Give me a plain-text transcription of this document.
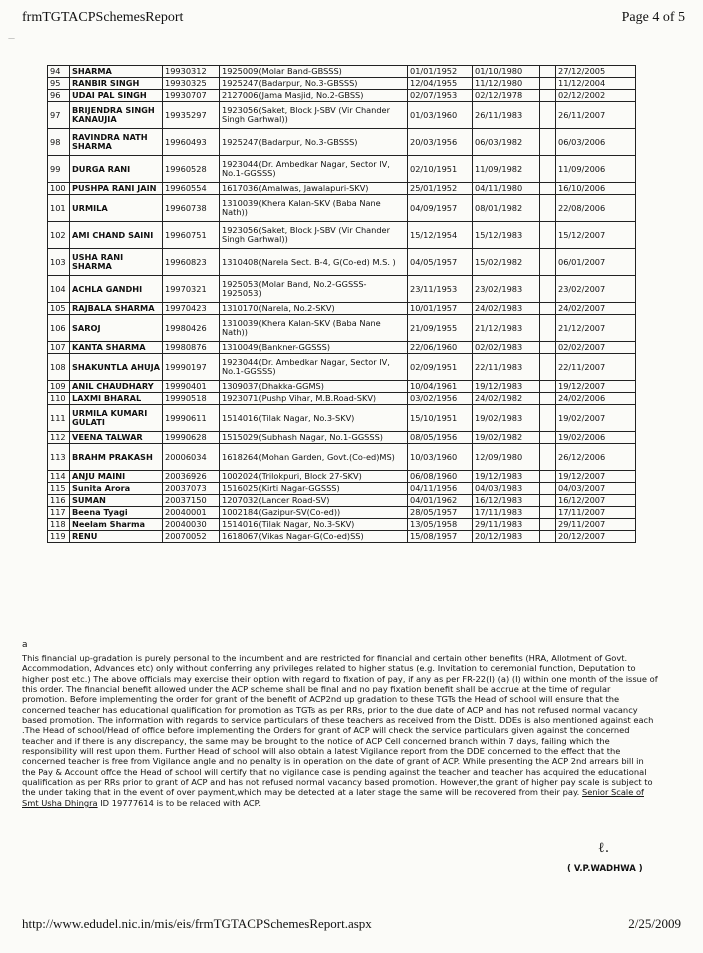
frmTGTACPSchemesReport	Page 4 of 5
—
94	SHARMA	19930312	1925009(Molar Band-GBSSS)	01/01/1952	01/10/1980		27/12/2005
95	RANBIR SINGH	19930325	1925247(Badarpur, No.3-GBSSS)	12/04/1955	11/12/1980		11/12/2004
96	UDAI PAL SINGH	19930707	2127006(Jama Masjid, No.2-GBSS)	02/07/1953	02/12/1978		02/12/2002
97	BRIJENDRA SINGH KANAUJIA	19935297	1923056(Saket, Block J-SBV (Vir Chander Singh Garhwal))	01/03/1960	26/11/1983		26/11/2007
98	RAVINDRA NATH SHARMA	19960493	1925247(Badarpur, No.3-GBSSS)	20/03/1956	06/03/1982		06/03/2006
99	DURGA RANI	19960528	1923044(Dr. Ambedkar Nagar, Sector IV, No.1-GGSSS)	02/10/1951	11/09/1982		11/09/2006
100	PUSHPA RANI JAIN	19960554	1617036(Amalwas, Jawalapuri-SKV)	25/01/1952	04/11/1980		16/10/2006
101	URMILA	19960738	1310039(Khera Kalan-SKV (Baba Nane Nath))	04/09/1957	08/01/1982		22/08/2006
102	AMI CHAND SAINI	19960751	1923056(Saket, Block J-SBV (Vir Chander Singh Garhwal))	15/12/1954	15/12/1983		15/12/2007
103	USHA RANI SHARMA	19960823	1310408(Narela Sect. B-4, G(Co-ed) M.S. )	04/05/1957	15/02/1982		06/01/2007
104	ACHLA GANDHI	19970321	1925053(Molar Band, No.2-GGSSS-1925053)	23/11/1953	23/02/1983		23/02/2007
105	RAJBALA SHARMA	19970423	1310170(Narela, No.2-SKV)	10/01/1957	24/02/1983		24/02/2007
106	SAROJ	19980426	1310039(Khera Kalan-SKV (Baba Nane Nath))	21/09/1955	21/12/1983		21/12/2007
107	KANTA SHARMA	19980876	1310049(Bankner-GGSSS)	22/06/1960	02/02/1983		02/02/2007
108	SHAKUNTLA AHUJA	19990197	1923044(Dr. Ambedkar Nagar, Sector IV, No.1-GGSSS)	02/09/1951	22/11/1983		22/11/2007
109	ANIL CHAUDHARY	19990401	1309037(Dhakka-GGMS)	10/04/1961	19/12/1983		19/12/2007
110	LAXMI BHARAL	19990518	1923071(Pushp Vihar, M.B.Road-SKV)	03/02/1956	24/02/1982		24/02/2006
111	URMILA KUMARI GULATI	19990611	1514016(Tilak Nagar, No.3-SKV)	15/10/1951	19/02/1983		19/02/2007
112	VEENA TALWAR	19990628	1515029(Subhash Nagar, No.1-GGSSS)	08/05/1956	19/02/1982		19/02/2006
113	BRAHM PRAKASH	20006034	1618264(Mohan Garden, Govt.(Co-ed)MS)	10/03/1960	12/09/1980		26/12/2006
114	ANJU MAINI	20036926	1002024(Trilokpuri, Block 27-SKV)	06/08/1960	19/12/1983		19/12/2007
115	Sunita Arora	20037073	1516025(Kirti Nagar-GGSSS)	04/11/1956	04/03/1983		04/03/2007
116	SUMAN	20037150	1207032(Lancer Road-SV)	04/01/1962	16/12/1983		16/12/2007
117	Beena Tyagi	20040001	1002184(Gazipur-SV(Co-ed))	28/05/1957	17/11/1983		17/11/2007
118	Neelam Sharma	20040030	1514016(Tilak Nagar, No.3-SKV)	13/05/1958	29/11/1983		29/11/2007
119	RENU	20070052	1618067(Vikas Nagar-G(Co-ed)SS)	15/08/1957	20/12/1983		20/12/2007
a

This financial up-gradation is purely personal to the incumbent and are restricted for financial and certain other benefits (HRA, Allotment of Govt. Accommodation, Advances etc) only without conferring any privileges related to higher status (e.g. Invitation to ceremonial function, Deputation to higher post etc.) The above officials may exercise their option with regard to fixation of pay, if any as per FR-22(I) (a) (I) within one month of the issue of this order. The financial benefit allowed under the ACP scheme shall be final and no pay fixation benefit shall be accrue at the time of regular promotion. Before implementing the order for grant of the benefit of ACP2nd up gradation to these TGTs the Head of school will ensure that the concerned teacher has educational qualification for promotion as TGTs as per RRs, prior to the due date of ACP and has not refused normal vacancy based promotion. The information with regards to service particulars of these teachers as received from the Distt. DDEs is also mentioned against each .The Head of school/Head of office before implementing the Orders for grant of ACP will check the service particulars given against the concerned teacher and if there is any discrepancy, the same may be brought to the notice of ACP Cell concerned branch within 7 days, failing which the responsibility will rest upon them. Further Head of school will also obtain a latest Vigilance report from the DDE concerned to the effect that the concerned teacher is free from Vigilance angle and no penalty is in operation on the date of grant of ACP. While presenting the ACP 2nd arrears bill in the Pay & Account offce the Head of school will certify that no vigilance case is pending against the teacher and teacher has acquired the educational qualification as per RRs prior to grant of ACP and has not refused normal vacancy based promotion. However,the grant of higher pay scale is subject to the under taking that in the event of over payment,which may be detected at a later stage the same will be recovered from their pay. Senior Scale of Smt Usha Dhingra ID 19777614 is to be relaced with ACP.

ℓ.
( V.P.WADHWA )
http://www.edudel.nic.in/mis/eis/frmTGTACPSchemesReport.aspx	2/25/2009
